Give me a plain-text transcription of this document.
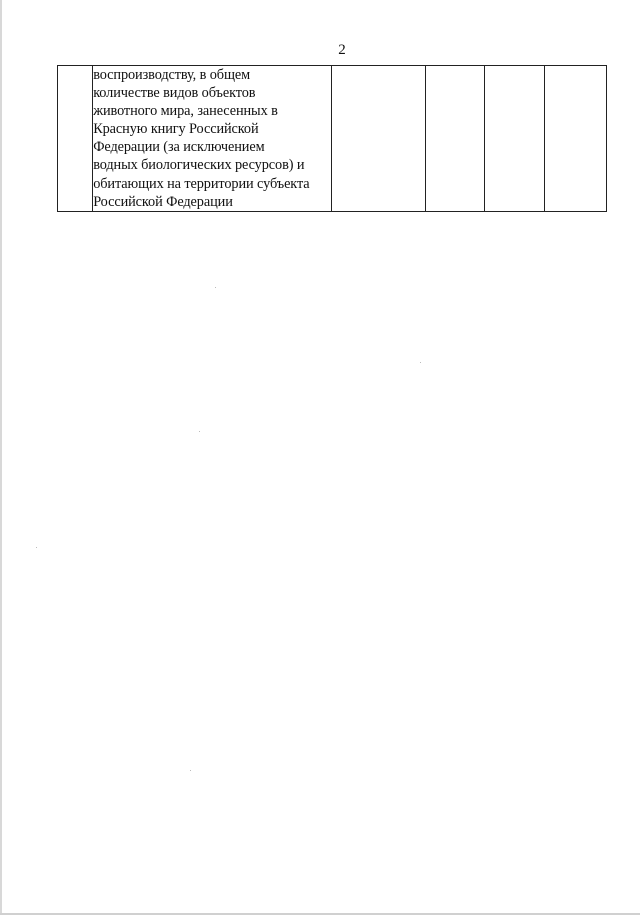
2

воспроизводству, в общем
количестве видов объектов
животного мира, занесенных в
Красную книгу Российской
Федерации (за исключением
водных биологических ресурсов) и
обитающих на территории субъекта
Российской Федерации
